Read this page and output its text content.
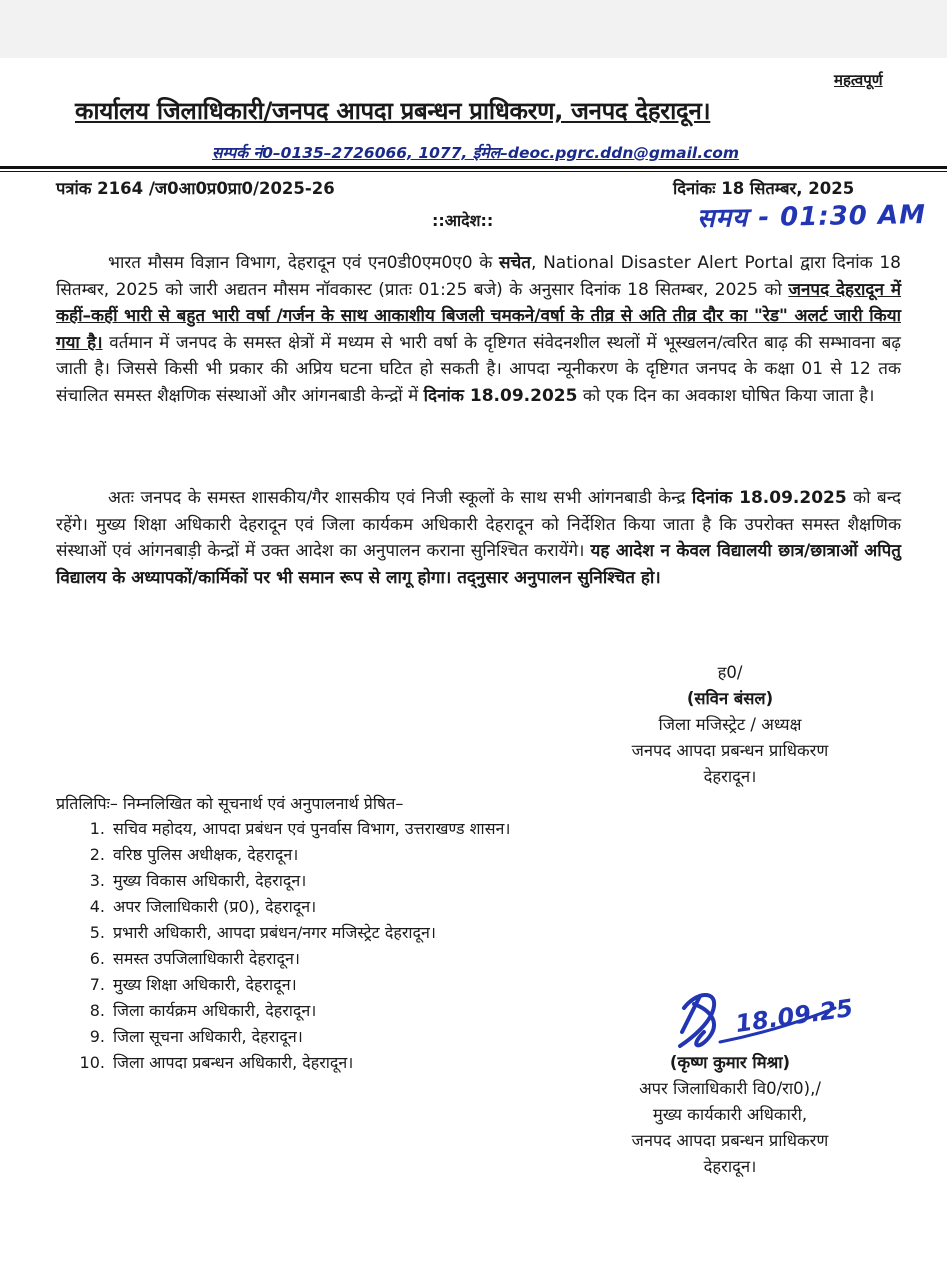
महत्वपूर्ण
कार्यालय जिलाधिकारी/जनपद आपदा प्रबन्धन प्राधिकरण, जनपद देहरादून।
सम्पर्क नं0–0135–2726066, 1077, ईमेल–deoc.pgrc.ddn@gmail.com
पत्रांक 2164 /ज0आ0प्र0प्रा0/2025-26	दिनांकः 18 सितम्बर, 2025
समय - 01:30 AM
::आदेश::

भारत मौसम विज्ञान विभाग, देहरादून एवं एन0डी0एम0ए0 के सचेत, National Disaster Alert Portal द्वारा दिनांक 18 सितम्बर, 2025 को जारी अद्यतन मौसम नॉवकास्ट (प्रातः 01:25 बजे) के अनुसार दिनांक 18 सितम्बर, 2025 को जनपद देहरादून में कहीं–कहीं भारी से बहुत भारी वर्षा /गर्जन के साथ आकाशीय बिजली चमकने/वर्षा के तीव्र से अति तीव्र दौर का "रेड" अलर्ट जारी किया गया है। वर्तमान में जनपद के समस्त क्षेत्रों में मध्यम से भारी वर्षा के दृष्टिगत संवेदनशील स्थलों में भूस्खलन/त्वरित बाढ़ की सम्भावना बढ़ जाती है। जिससे किसी भी प्रकार की अप्रिय घटना घटित हो सकती है। आपदा न्यूनीकरण के दृष्टिगत जनपद के कक्षा 01 से 12 तक संचालित समस्त शैक्षणिक संस्थाओं और आंगनबाडी केन्द्रों में दिनांक 18.09.2025 को एक दिन का अवकाश घोषित किया जाता है।

अतः जनपद के समस्त शासकीय/गैर शासकीय एवं निजी स्कूलों के साथ सभी आंगनबाडी केन्द्र दिनांक 18.09.2025 को बन्द रहेंगे। मुख्य शिक्षा अधिकारी देहरादून एवं जिला कार्यकम अधिकारी देहरादून को निर्देशित किया जाता है कि उपरोक्त समस्त शैक्षणिक संस्थाओं एवं आंगनबाड़ी केन्द्रों में उक्त आदेश का अनुपालन कराना सुनिश्चित करायेंगे। यह आदेश न केवल विद्यालयी छात्र/छात्राओं अपितु विद्यालय के अध्यापकों/कार्मिकों पर भी समान रूप से लागू होगा। तद्नुसार अनुपालन सुनिश्चित हो।

ह0/
(सविन बंसल)
जिला मजिस्ट्रेट / अध्यक्ष
जनपद आपदा प्रबन्धन प्राधिकरण
देहरादून।
प्रतिलिपिः– निम्नलिखित को सूचनार्थ एवं अनुपालनार्थ प्रेषित–
1. सचिव महोदय, आपदा प्रबंधन एवं पुनर्वास विभाग, उत्तराखण्ड शासन।
2. वरिष्ठ पुलिस अधीक्षक, देहरादून।
3. मुख्य विकास अधिकारी, देहरादून।
4. अपर जिलाधिकारी (प्र0), देहरादून।
5. प्रभारी अधिकारी, आपदा प्रबंधन/नगर मजिस्ट्रेट देहरादून।
6. समस्त उपजिलाधिकारी देहरादून।
7. मुख्य शिक्षा अधिकारी, देहरादून।
8. जिला कार्यक्रम अधिकारी, देहरादून।
9. जिला सूचना अधिकारी, देहरादून।
10. जिला आपदा प्रबन्धन अधिकारी, देहरादून।
18.09.25
(कृष्ण कुमार मिश्रा)
अपर जिलाधिकारी वि0/रा0),/
मुख्य कार्यकारी अधिकारी,
जनपद आपदा प्रबन्धन प्राधिकरण
देहरादून।
